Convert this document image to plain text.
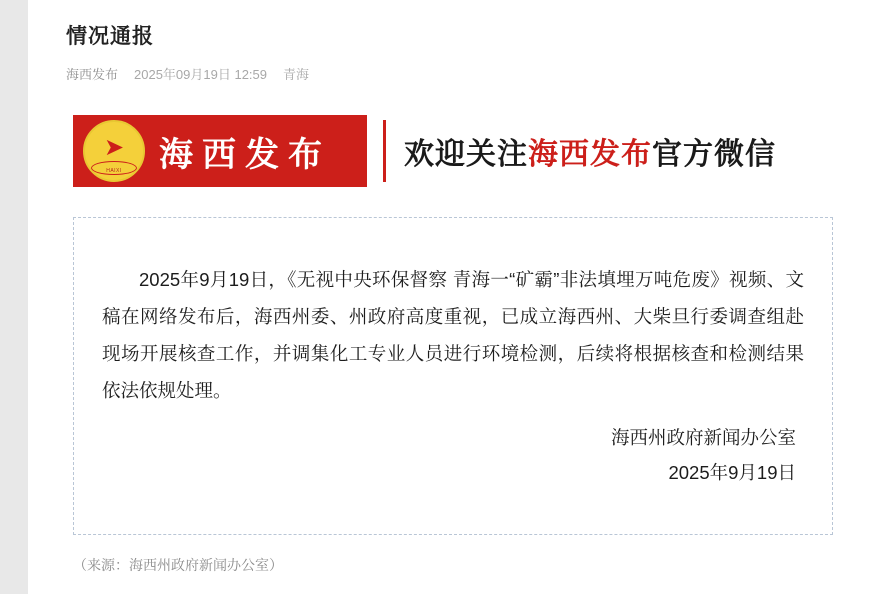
情况通报
海西发布 2025年09月19日 12:59 青海
➤
HAIXI 海西发布 欢迎关注海西发布官方微信

2025年9月19日，《无视中央环保督察 青海一“矿霸”非法填埋万吨危废》视频、文稿在网络发布后，海西州委、州政府高度重视，已成立海西州、大柴旦行委调查组赴现场开展核查工作，并调集化工专业人员进行环境检测，后续将根据核查和检测结果依法依规处理。

海西州政府新闻办公室
2025年9月19日
（来源：海西州政府新闻办公室）
